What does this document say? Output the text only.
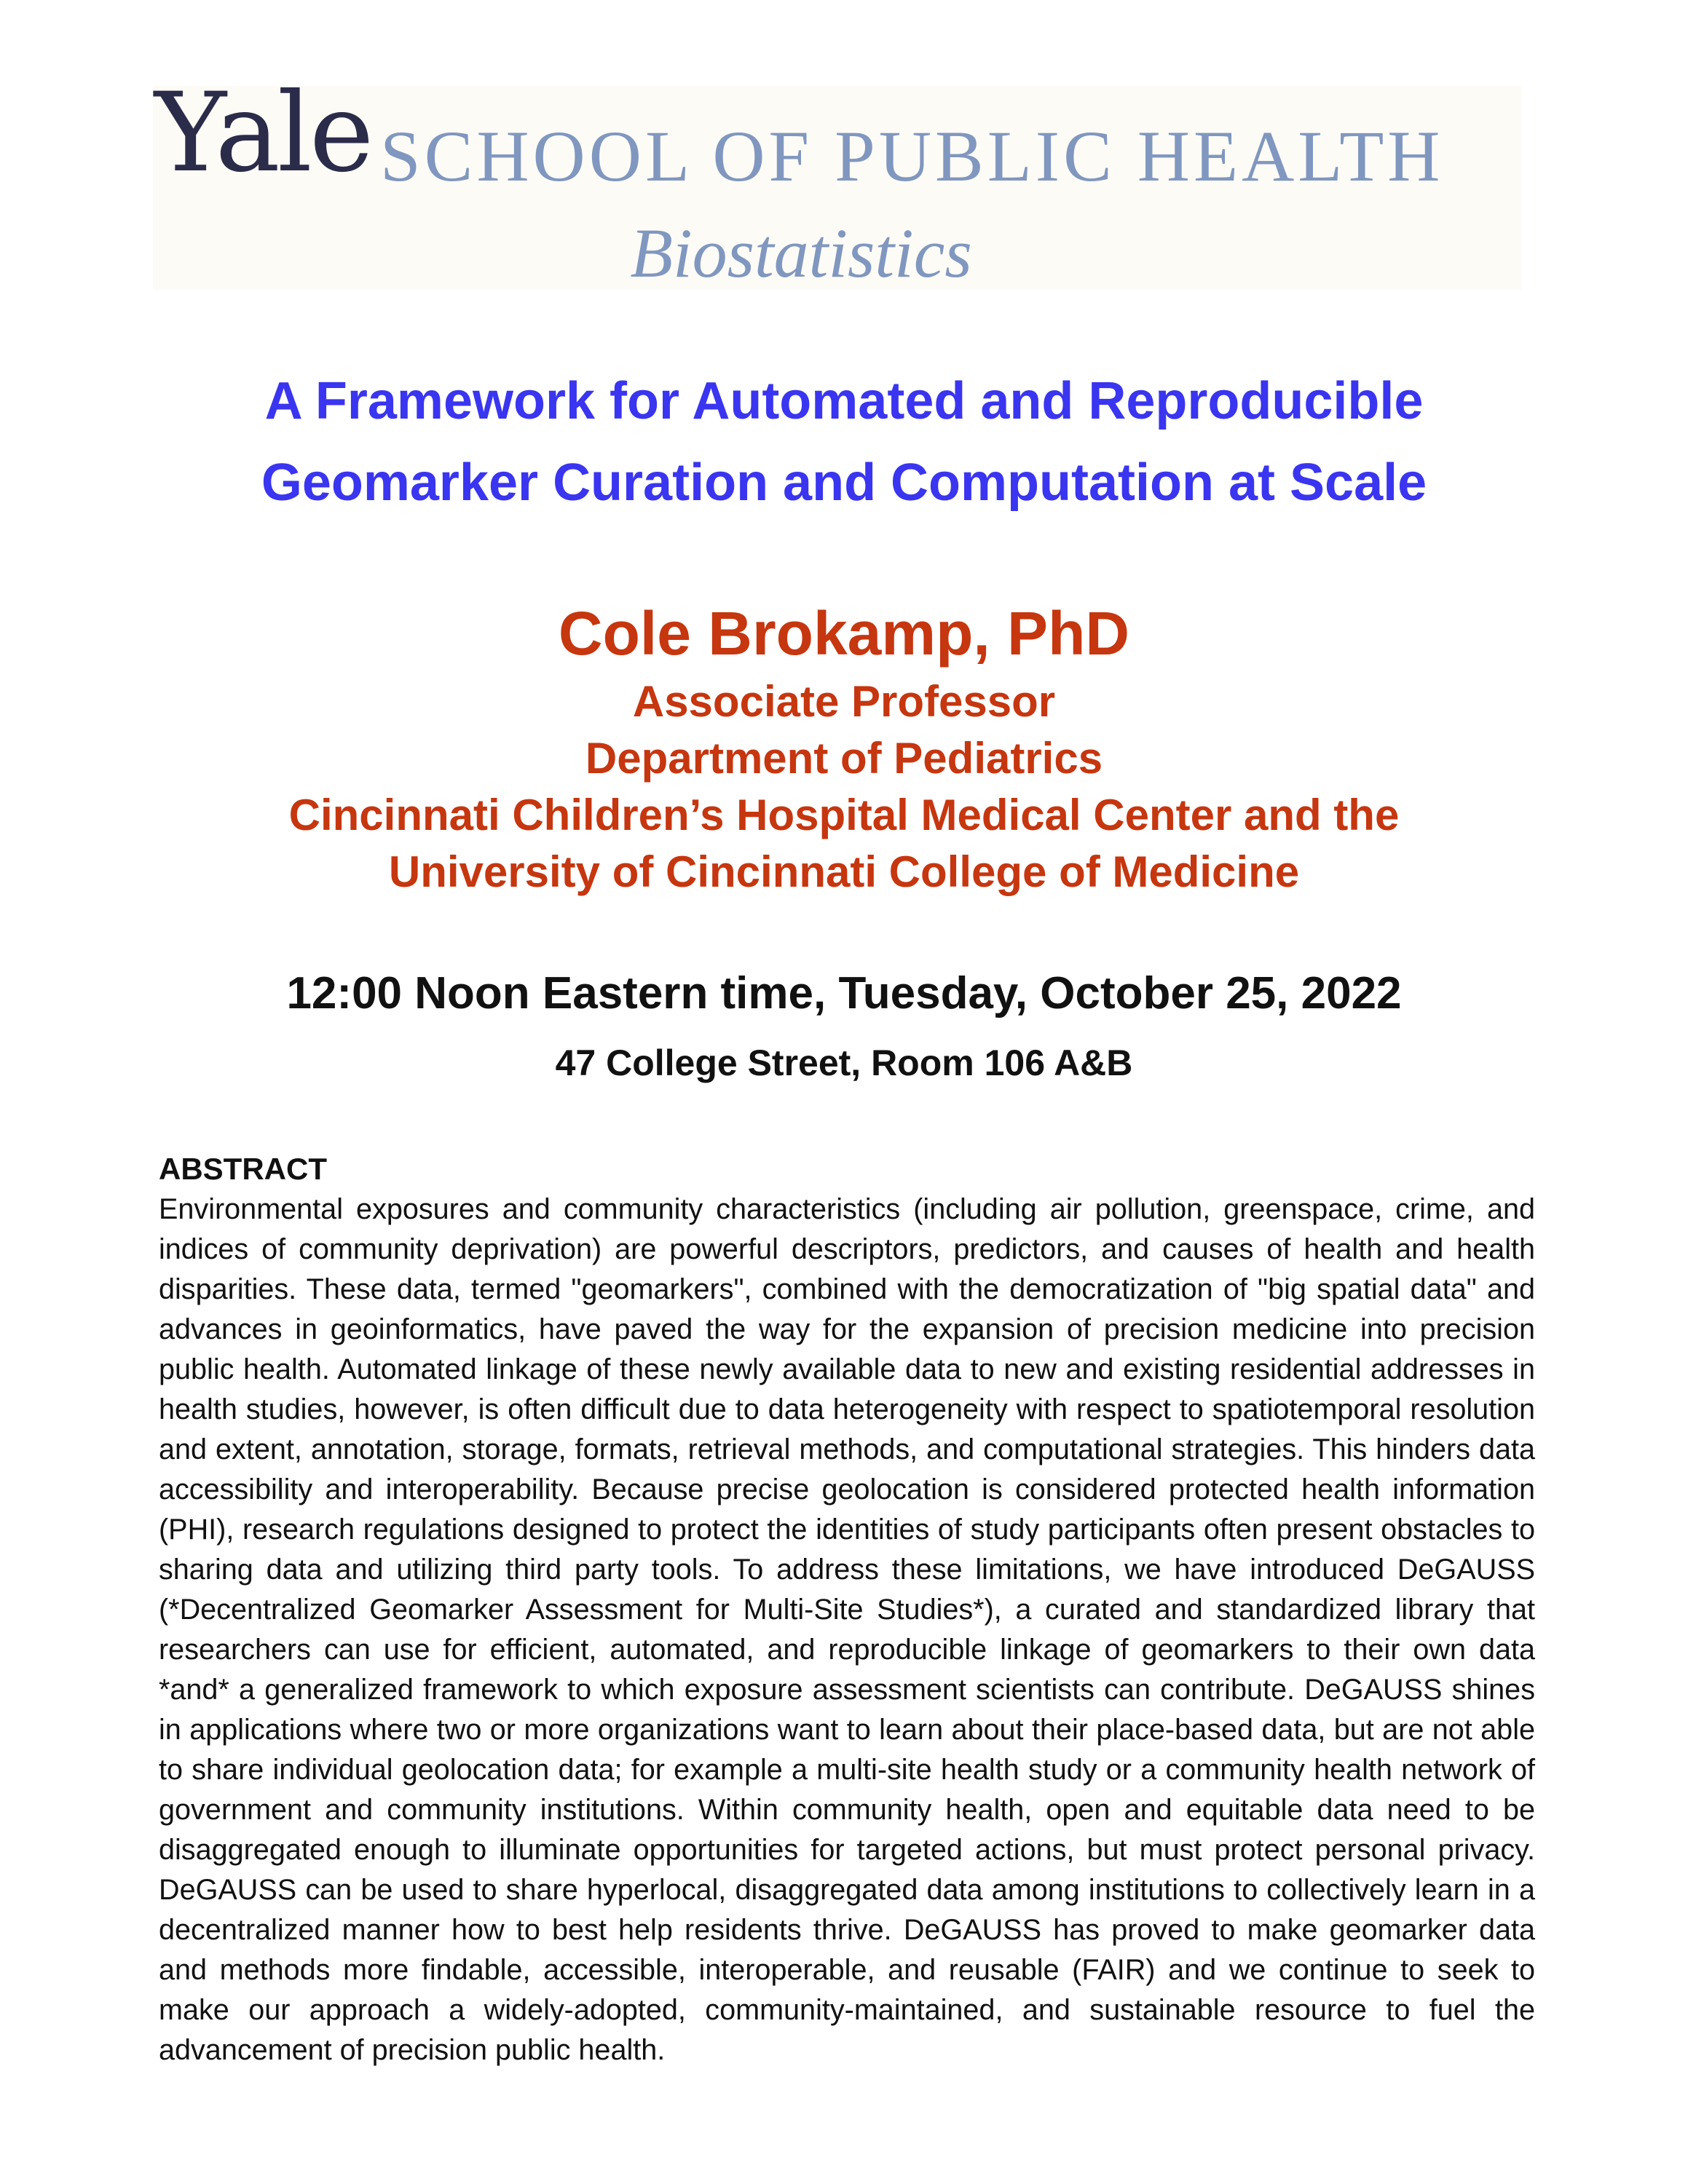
Yale SCHOOL OF PUBLIC HEALTH
Biostatistics
A Framework for Automated and Reproducible
Geomarker Curation and Computation at Scale
Cole Brokamp, PhD
Associate Professor
Department of Pediatrics
Cincinnati Children’s Hospital Medical Center and the
University of Cincinnati College of Medicine
12:00 Noon Eastern time, Tuesday, October 25, 2022
47 College Street, Room 106 A&B
ABSTRACT
Environmental exposures and community characteristics (including air pollution, greenspace, crime, and indices of community deprivation) are powerful descriptors, predictors, and causes of health and health disparities. These data, termed "geomarkers", combined with the democratization of "big spatial data" and advances in geoinformatics, have paved the way for the expansion of precision medicine into precision public health. Automated linkage of these newly available data to new and existing residential addresses in health studies, however, is often difficult due to data heterogeneity with respect to spatiotemporal resolution and extent, annotation, storage, formats, retrieval methods, and computational strategies. This hinders data accessibility and interoperability. Because precise geolocation is considered protected health information (PHI), research regulations designed to protect the identities of study participants often present obstacles to sharing data and utilizing third party tools. To address these limitations, we have introduced DeGAUSS (*Decentralized Geomarker Assessment for Multi-Site Studies*), a curated and standardized library that researchers can use for efficient, automated, and reproducible linkage of geomarkers to their own data *and* a generalized framework to which exposure assessment scientists can contribute. DeGAUSS shines in applications where two or more organizations want to learn about their place-based data, but are not able to share individual geolocation data; for example a multi-site health study or a community health network of government and community institutions. Within community health, open and equitable data need to be disaggregated enough to illuminate opportunities for targeted actions, but must protect personal privacy. DeGAUSS can be used to share hyperlocal, disaggregated data among institutions to collectively learn in a decentralized manner how to best help residents thrive. DeGAUSS has proved to make geomarker data and methods more findable, accessible, interoperable, and reusable (FAIR) and we continue to seek to make our approach a widely-adopted, community-maintained, and sustainable resource to fuel the advancement of precision public health.
